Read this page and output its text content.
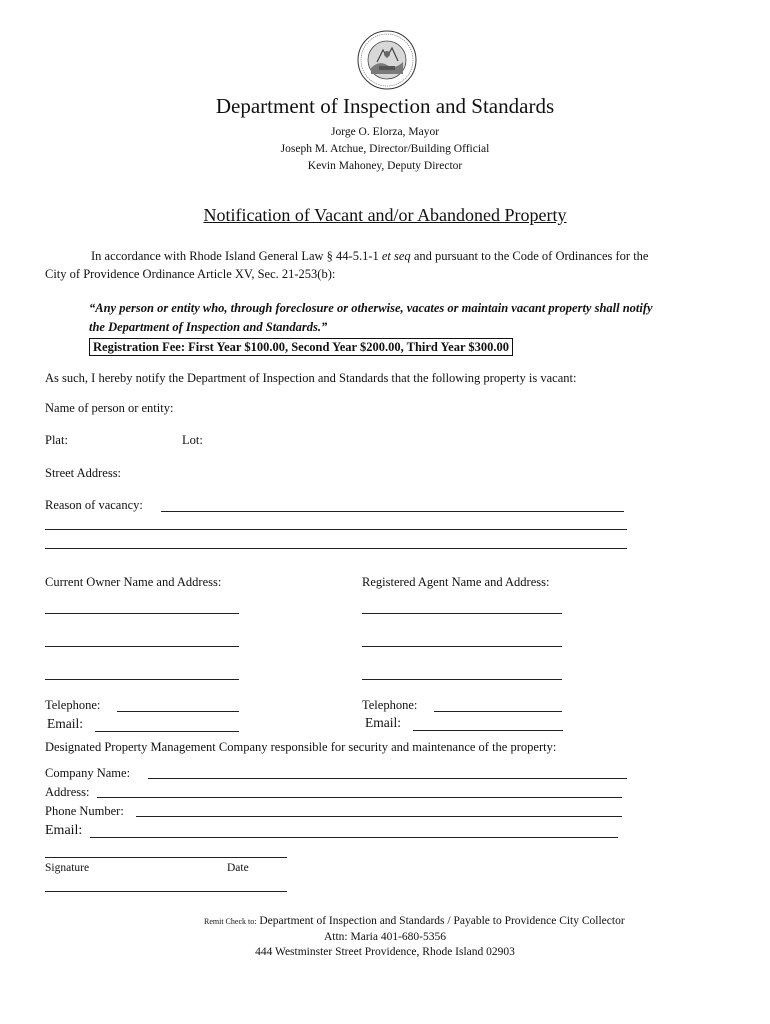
Department of Inspection and Standards
Jorge O. Elorza, Mayor
Joseph M. Atchue, Director/Building Official
Kevin Mahoney, Deputy Director
Notification of Vacant and/or Abandoned Property
In accordance with Rhode Island General Law § 44-5.1-1 et seq and pursuant to the Code of Ordinances for the
City of Providence Ordinance Article XV, Sec. 21-253(b):
“Any person or entity who, through foreclosure or otherwise, vacates or maintain vacant property shall notify
the Department of Inspection and Standards.”
Registration Fee: First Year $100.00, Second Year $200.00, Third Year $300.00
As such, I hereby notify the Department of Inspection and Standards that the following property is vacant:
Name of person or entity:
Plat:	Lot:
Street Address:
Reason of vacancy:
Current Owner Name and Address:	Registered Agent Name and Address:
Telephone:	Telephone:
Email:	Email:
Designated Property Management Company responsible for security and maintenance of the property:
Company Name:
Address:
Phone Number:
Email:
Signature	Date
Remit Check to: Department of Inspection and Standards / Payable to Providence City Collector
Attn: Maria 401-680-5356
444 Westminster Street Providence, Rhode Island 02903
